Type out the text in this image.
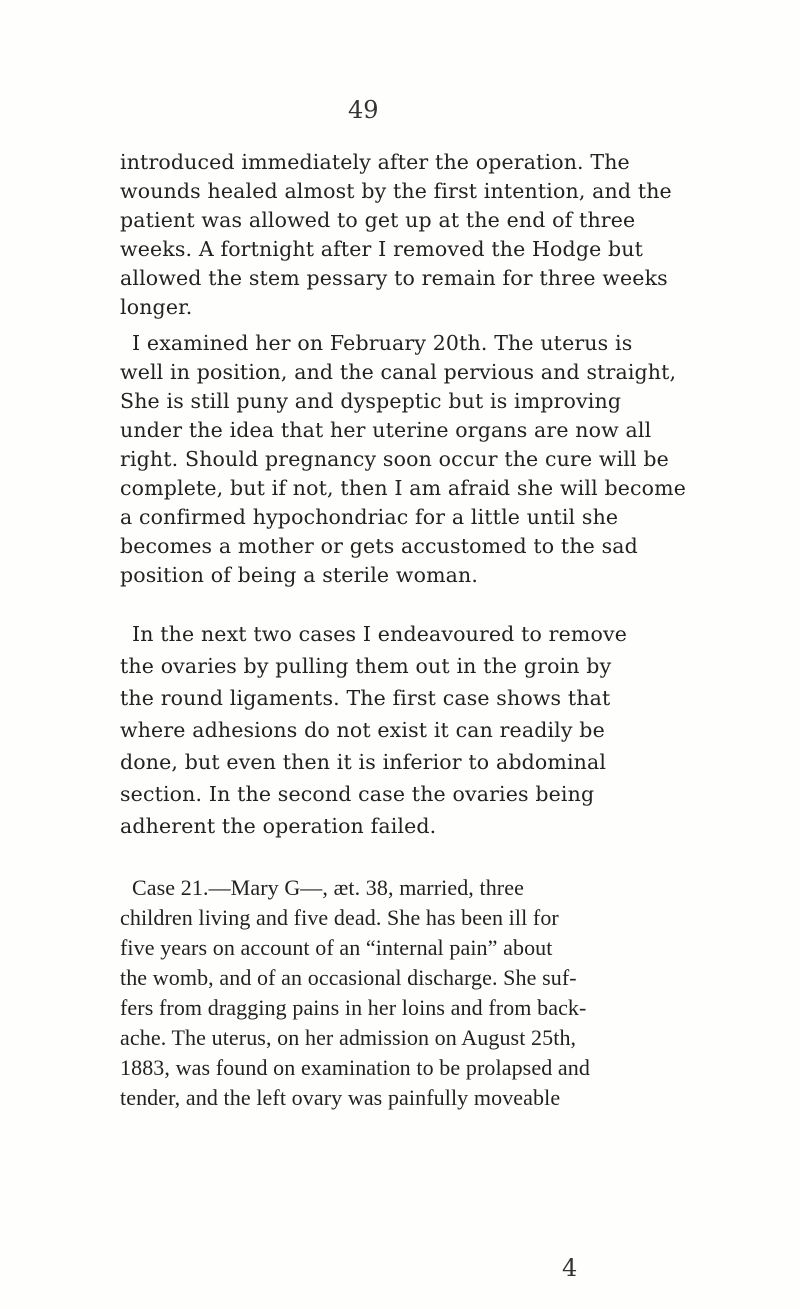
49
introduced immediately after the operation. The
wounds healed almost by the first intention, and the
patient was allowed to get up at the end of three
weeks. A fortnight after I removed the Hodge but
allowed the stem pessary to remain for three weeks
longer.
I examined her on February 20th. The uterus is
well in position, and the canal pervious and straight,
She is still puny and dyspeptic but is improving
under the idea that her uterine organs are now all
right. Should pregnancy soon occur the cure will be
complete, but if not, then I am afraid she will become
a confirmed hypochondriac for a little until she
becomes a mother or gets accustomed to the sad
position of being a sterile woman.
In the next two cases I endeavoured to remove
the ovaries by pulling them out in the groin by
the round ligaments. The first case shows that
where adhesions do not exist it can readily be
done, but even then it is inferior to abdominal
section. In the second case the ovaries being
adherent the operation failed.
Case 21.—Mary G—, æt. 38, married, three
children living and five dead. She has been ill for
five years on account of an “internal pain” about
the womb, and of an occasional discharge. She suf-
fers from dragging pains in her loins and from back-
ache. The uterus, on her admission on August 25th,
1883, was found on examination to be prolapsed and
tender, and the left ovary was painfully moveable
4
